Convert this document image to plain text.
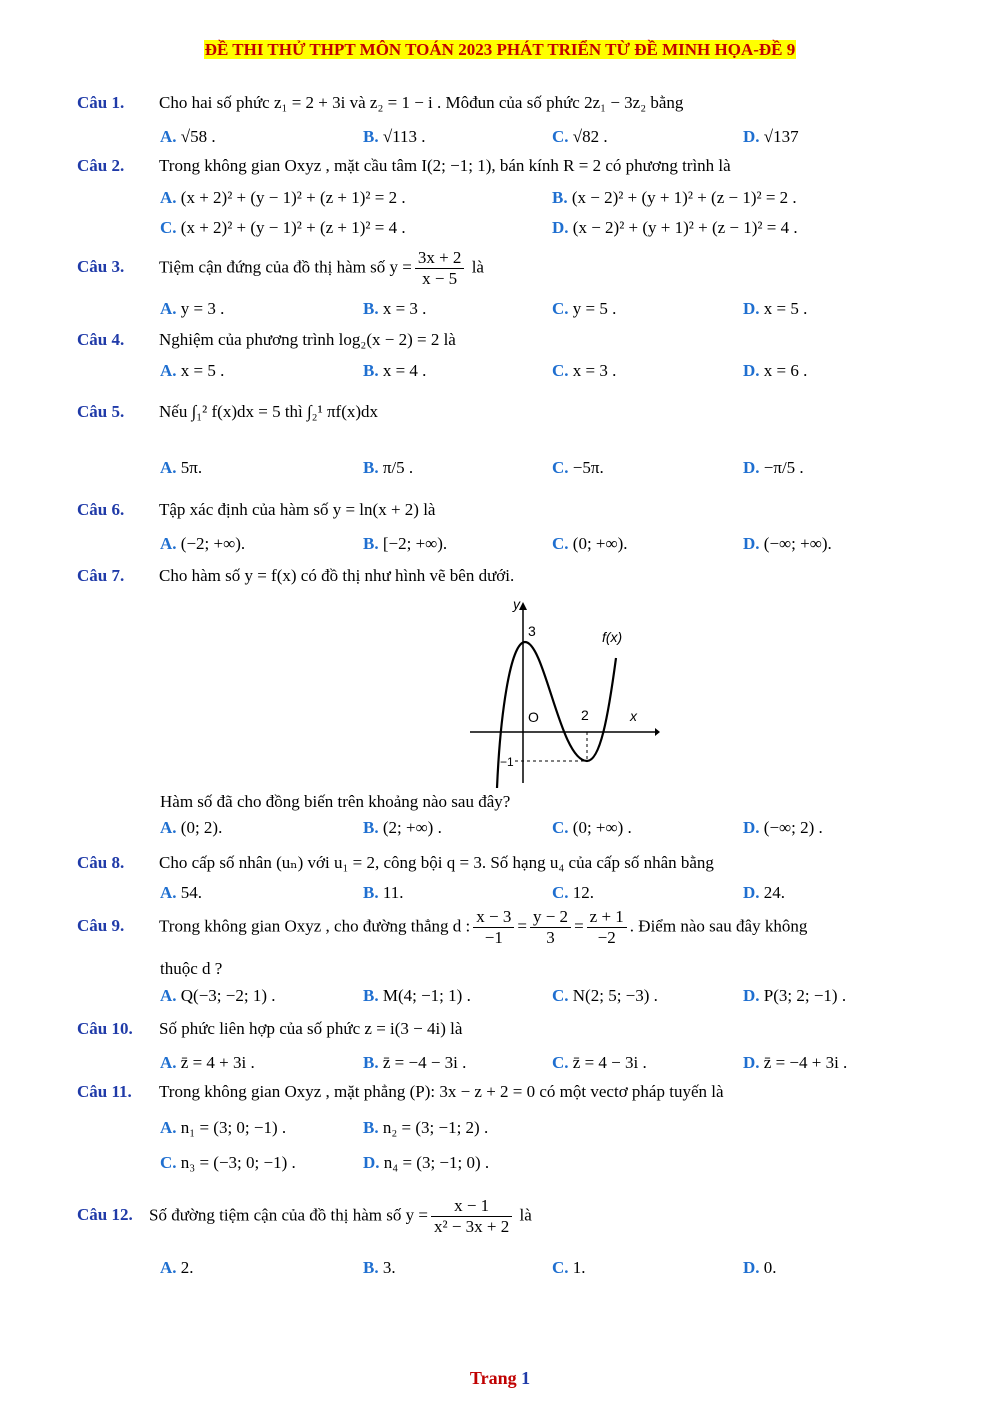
ĐỀ THI THỬ THPT MÔN TOÁN 2023 PHÁT TRIỂN TỪ ĐỀ MINH HỌA-ĐỀ 9
Câu 1. Cho hai số phức z₁ = 2 + 3i và z₂ = 1 − i . Môđun của số phức 2z₁ − 3z₂ bằng
A. √58 .	B. √113 .	C. √82 .	D. √137
Câu 2. Trong không gian Oxyz , mặt cầu tâm I(2; −1; 1), bán kính R = 2 có phương trình là
A. (x + 2)² + (y − 1)² + (z + 1)² = 2 .	B. (x − 2)² + (y + 1)² + (z − 1)² = 2 .
C. (x + 2)² + (y − 1)² + (z + 1)² = 4 .	D. (x − 2)² + (y + 1)² + (z − 1)² = 4 .
Câu 3. Tiệm cận đứng của đồ thị hàm số $y = \frac{3x + 2}{x - 5}$ là
A. y = 3 .	B. x = 3 .	C. y = 5 .	D. x = 5 .
Câu 4. Nghiệm của phương trình log₂(x − 2) = 2 là
A. x = 5 .	B. x = 4 .	C. x = 3 .	D. x = 6 .
Câu 5. Nếu ∫₁² f(x)dx = 5 thì ∫₂¹ πf(x)dx
A. 5π.	B. π/5 .	C. −5π.	D. −π/5 .
Câu 6. Tập xác định của hàm số y = ln(x + 2) là
A. (−2; +∞).	B. [−2; +∞).	C. (0; +∞).	D. (−∞; +∞).
Câu 7. Cho hàm số y = f(x) có đồ thị như hình vẽ bên dưới.
y
x
3	f(x)
O	2
−1
Hàm số đã cho đồng biến trên khoảng nào sau đây?
A. (0; 2).	B. (2; +∞) .	C. (0; +∞) .	D. (−∞; 2) .
Câu 8. Cho cấp số nhân (uₙ) với u₁ = 2, công bội q = 3. Số hạng u₄ của cấp số nhân bằng
A. 54.	B. 11.	C. 12.	D. 24.
Câu 9. Trong không gian Oxyz , cho đường thẳng d : $\frac{x - 3}{-1} = \frac{y - 2}{3} = \frac{z + 1}{-2}$ . Điểm nào sau đây không
thuộc d ?
A. Q(−3; −2; 1) .	B. M(4; −1; 1) .	C. N(2; 5; −3) .	D. P(3; 2; −1) .
Câu 10. Số phức liên hợp của số phức z = i(3 − 4i) là
A. z̄ = 4 + 3i .	B. z̄ = −4 − 3i .	C. z̄ = 4 − 3i .	D. z̄ = −4 + 3i .
Câu 11. Trong không gian Oxyz , mặt phẳng (P): 3x − z + 2 = 0 có một vectơ pháp tuyến là
A. n₁ = (3; 0; −1) .	B. n₂ = (3; −1; 2) .
C. n₃ = (−3; 0; −1) .	D. n₄ = (3; −1; 0) .
Câu 12. Số đường tiệm cận của đồ thị hàm số $y = \frac{x - 1}{\text{x² − 3x + 2}}$ là
A. 2.	B. 3.	C. 1.	D. 0.
Trang 1
